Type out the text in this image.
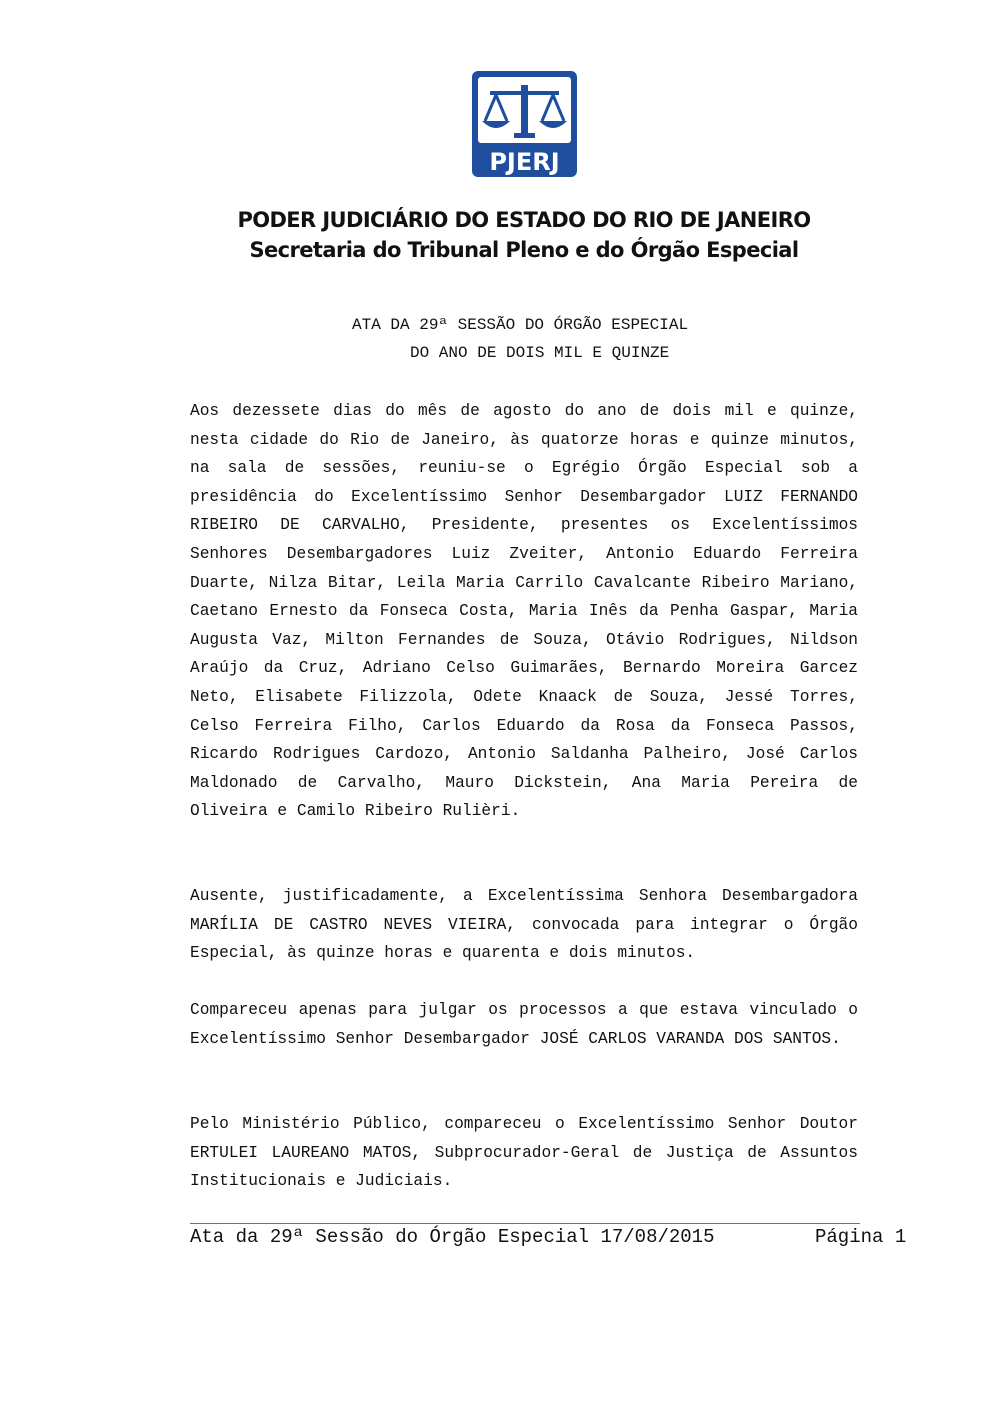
PJERJ
PODER JUDICIÁRIO DO ESTADO DO RIO DE JANEIRO
Secretaria do Tribunal Pleno e do Órgão Especial
ATA DA 29ª SESSÃO DO ÓRGÃO ESPECIAL
DO ANO DE DOIS MIL E QUINZE

Aos dezessete dias do mês de agosto do ano de dois mil e quinze, nesta cidade do Rio de Janeiro, às quatorze horas e quinze minutos, na sala de sessões, reuniu-se o Egrégio Órgão Especial sob a presidência do Excelentíssimo Senhor Desembargador LUIZ FERNANDO RIBEIRO DE CARVALHO, Presidente, presentes os Excelentíssimos Senhores Desembargadores Luiz Zveiter, Antonio Eduardo Ferreira Duarte, Nilza Bitar, Leila Maria Carrilo Cavalcante Ribeiro Mariano, Caetano Ernesto da Fonseca Costa, Maria Inês da Penha Gaspar, Maria Augusta Vaz, Milton Fernandes de Souza, Otávio Rodrigues, Nildson Araújo da Cruz, Adriano Celso Guimarães, Bernardo Moreira Garcez Neto, Elisabete Filizzola, Odete Knaack de Souza, Jessé Torres, Celso Ferreira Filho, Carlos Eduardo da Rosa da Fonseca Passos, Ricardo Rodrigues Cardozo, Antonio Saldanha Palheiro, José Carlos Maldonado de Carvalho, Mauro Dickstein, Ana Maria Pereira de Oliveira e Camilo Ribeiro Rulièri.

Ausente, justificadamente, a Excelentíssima Senhora Desembargadora MARÍLIA DE CASTRO NEVES VIEIRA, convocada para integrar o Órgão Especial, às quinze horas e quarenta e dois minutos.

Compareceu apenas para julgar os processos a que estava vinculado o Excelentíssimo Senhor Desembargador JOSÉ CARLOS VARANDA DOS SANTOS.

Pelo Ministério Público, compareceu o Excelentíssimo Senhor Doutor ERTULEI LAUREANO MATOS, Subprocurador-Geral de Justiça de Assuntos Institucionais e Judiciais.

Ata da 29ª Sessão do Órgão Especial 17/08/2015	Página 1
